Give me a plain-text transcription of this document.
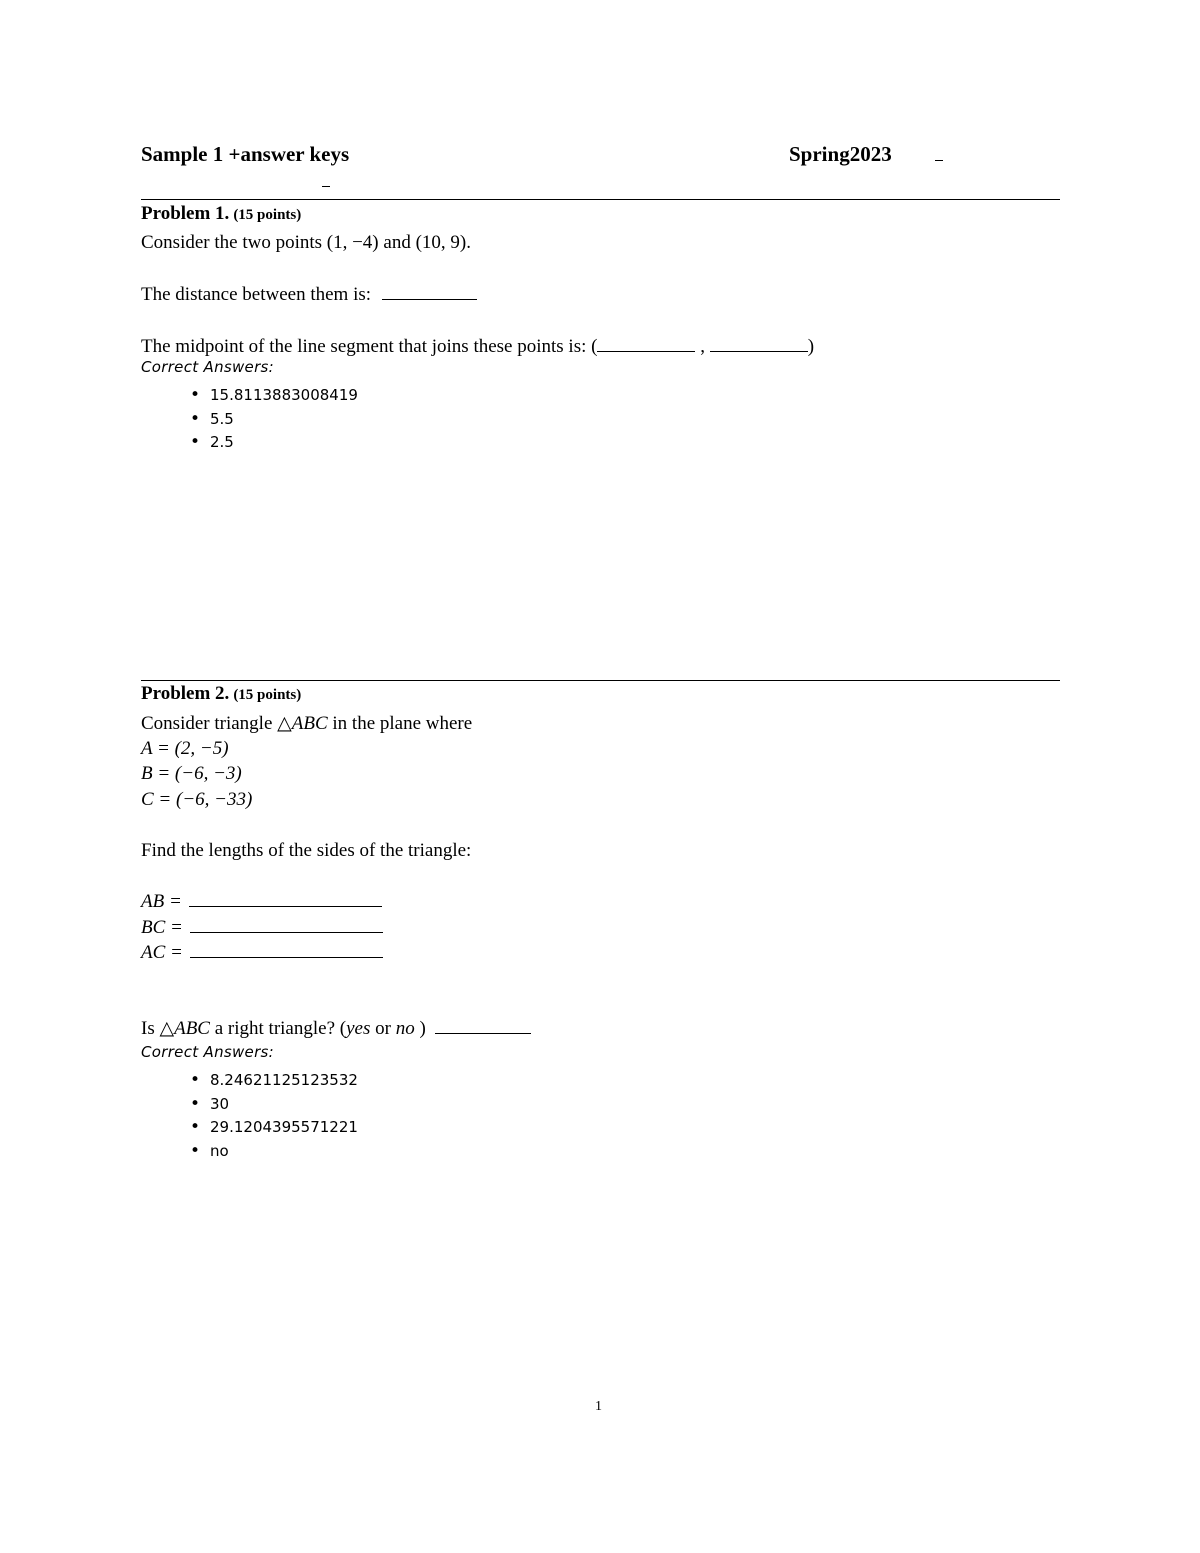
Sample 1 +answer keys	Spring2023
Problem 1. (15 points)
Consider the two points (1, −4) and (10, 9).
The distance between them is:
The midpoint of the line segment that joins these points is: (	,	)
Correct Answers:
• 15.8113883008419
• 5.5
• 2.5
Problem 2. (15 points)
Consider triangle △ABC in the plane where
A = (2, −5)
B = (−6, −3)
C = (−6, −33)
Find the lengths of the sides of the triangle:
AB =
BC =
AC =
Is △ABC a right triangle? (yes or no )
Correct Answers:
• 8.24621125123532
• 30
• 29.1204395571221
• no
1
